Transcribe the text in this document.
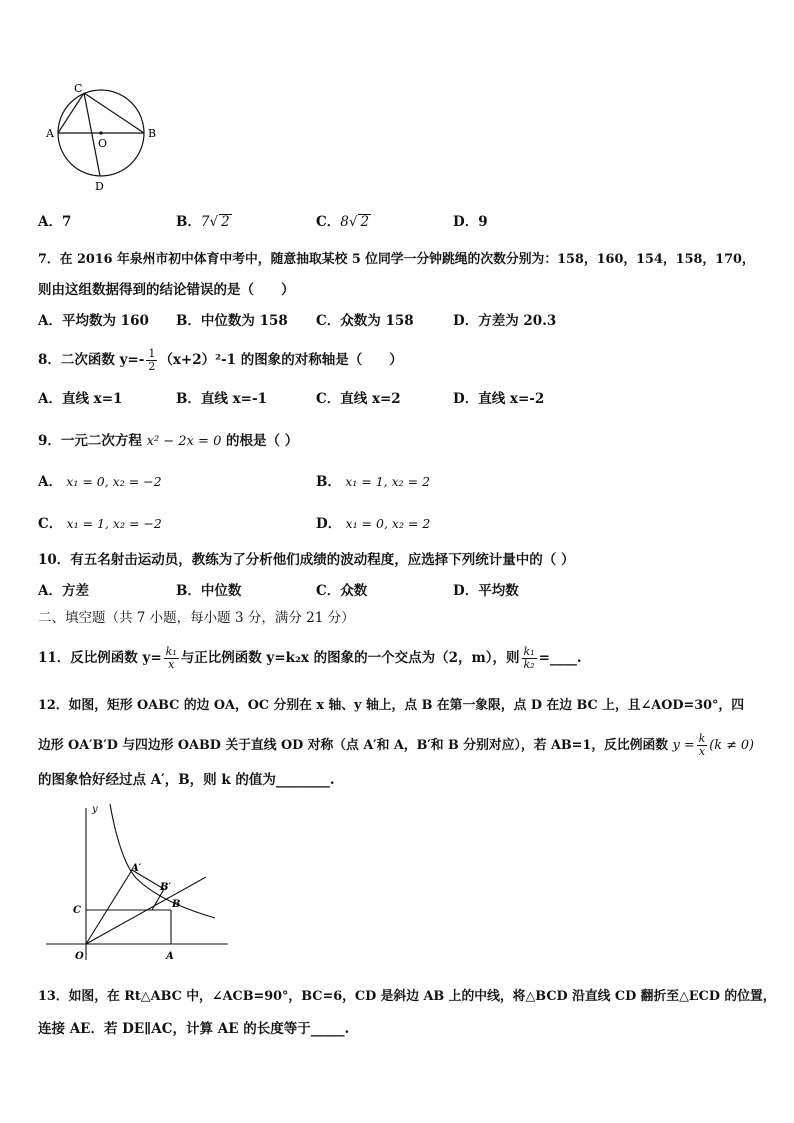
C
A
O
B
D
A．7	B．7√ 2	C．8√ 2	D．9
7．在 2016 年泉州市初中体育中考中，随意抽取某校 5 位同学一分钟跳绳的次数分别为：158，160，154，158，170，
则由这组数据得到的结论错误的是（　　）
A．平均数为 160 B．中位数为 158 C．众数为 158	D．方差为 20.3
8．二次函数 $y=- \frac{1}{2} (x+2)^2-1$ 的图象的对称轴是（　　）
A．直线 x=1	B．直线 x=-1	C．直线 x=2	D．直线 x=-2
9．一元二次方程 x² − 2x = 0 的根是（ ）
A． x₁ = 0, x₂ = −2	B． x₁ = 1, x₂ = 2
C． x₁ = 1, x₂ = −2	D． x₁ = 0, x₂ = 2
10．有五名射击运动员，教练为了分析他们成绩的波动程度，应选择下列统计量中的（ ）
A．方差	B．中位数	C．众数	D．平均数
二、填空题（共 7 小题，每小题 3 分，满分 21 分）
11．反比例函数 $y= \frac{\text{k₁}}{x}$ 与正比例函数 y=k₂x 的图象的一个交点为（2，m），则 $\frac{\text{k₁}}{\text{k₂}}$ =____.
12．如图，矩形 OABC 的边 OA，OC 分别在 x 轴、y 轴上，点 B 在第一象限，点 D 在边 BC 上，且∠AOD=30°，四
边形 OA′B′D 与四边形 OABD 关于直线 OD 对称（点 A′和 A，B′和 B 分别对应），若 AB=1，反比例函数 $y = \frac{k}{x} (k \ne 0)$
的图象恰好经过点 A′，B，则 k 的值为________.
y
A′
B′
C
B
O	A
13．如图，在 Rt△ABC 中，∠ACB=90°，BC=6，CD 是斜边 AB 上的中线，将△BCD 沿直线 CD 翻折至△ECD 的位置，
连接 AE．若 DE∥AC，计算 AE 的长度等于_____.
